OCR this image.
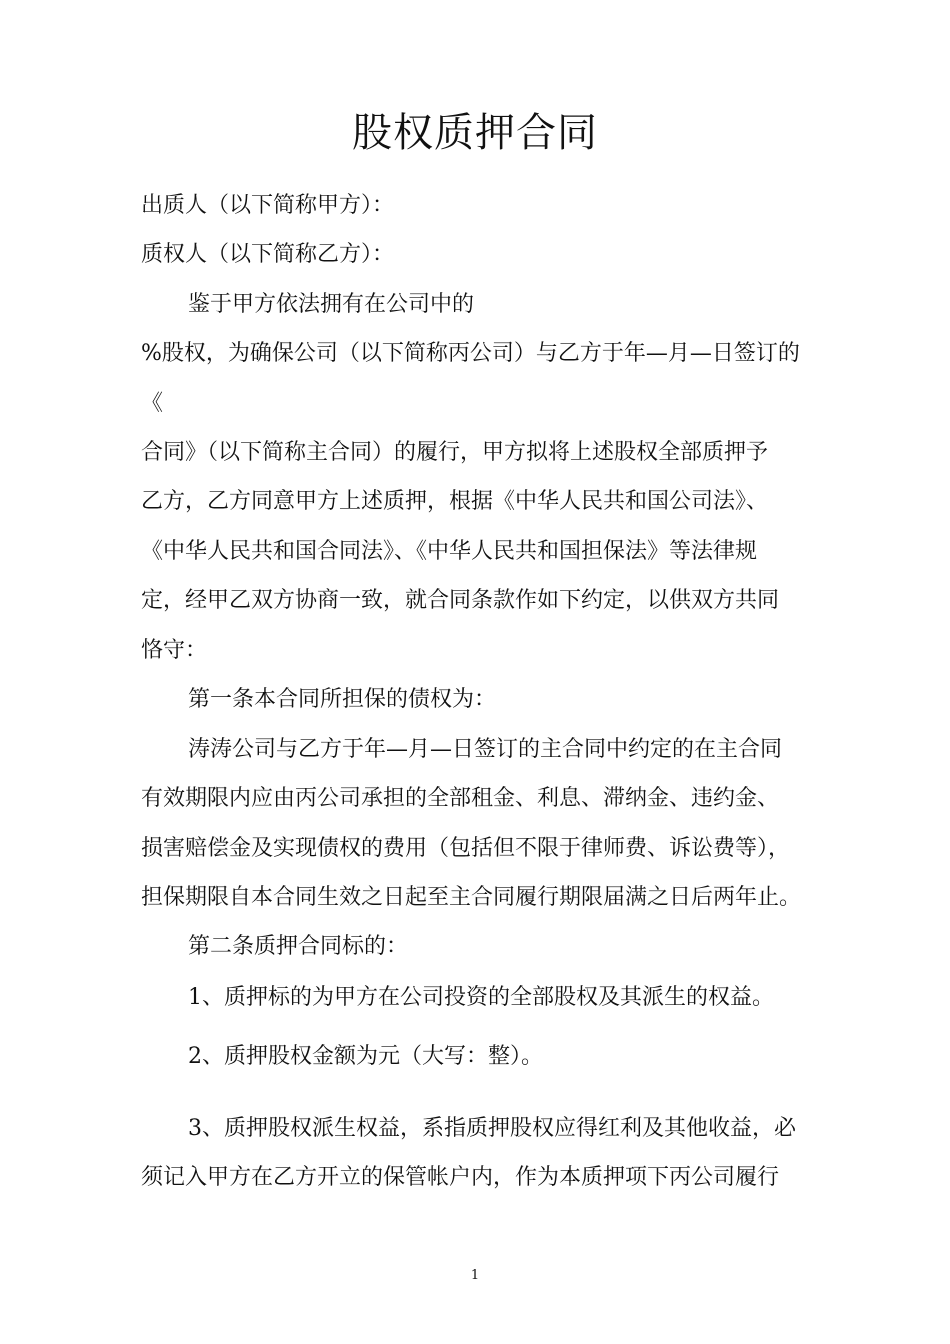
股权质押合同
出质人（以下简称甲方）：
质权人（以下简称乙方）：
鉴于甲方依法拥有在公司中的
%股权，为确保公司（以下简称丙公司）与乙方于年—月—日签订的
《
合同》（以下简称主合同）的履行，甲方拟将上述股权全部质押予
乙方，乙方同意甲方上述质押，根据《中华人民共和国公司法》、
《中华人民共和国合同法》、《中华人民共和国担保法》等法律规
定，经甲乙双方协商一致，就合同条款作如下约定，以供双方共同
恪守：
第一条本合同所担保的债权为：
涛涛公司与乙方于年—月—日签订的主合同中约定的在主合同
有效期限内应由丙公司承担的全部租金、利息、滞纳金、违约金、
损害赔偿金及实现债权的费用（包括但不限于律师费、诉讼费等），
担保期限自本合同生效之日起至主合同履行期限届满之日后两年止。
第二条质押合同标的：
1、质押标的为甲方在公司投资的全部股权及其派生的权益。
2、质押股权金额为元（大写：整）。
3、质押股权派生权益，系指质押股权应得红利及其他收益，必
须记入甲方在乙方开立的保管帐户内，作为本质押项下丙公司履行
1
